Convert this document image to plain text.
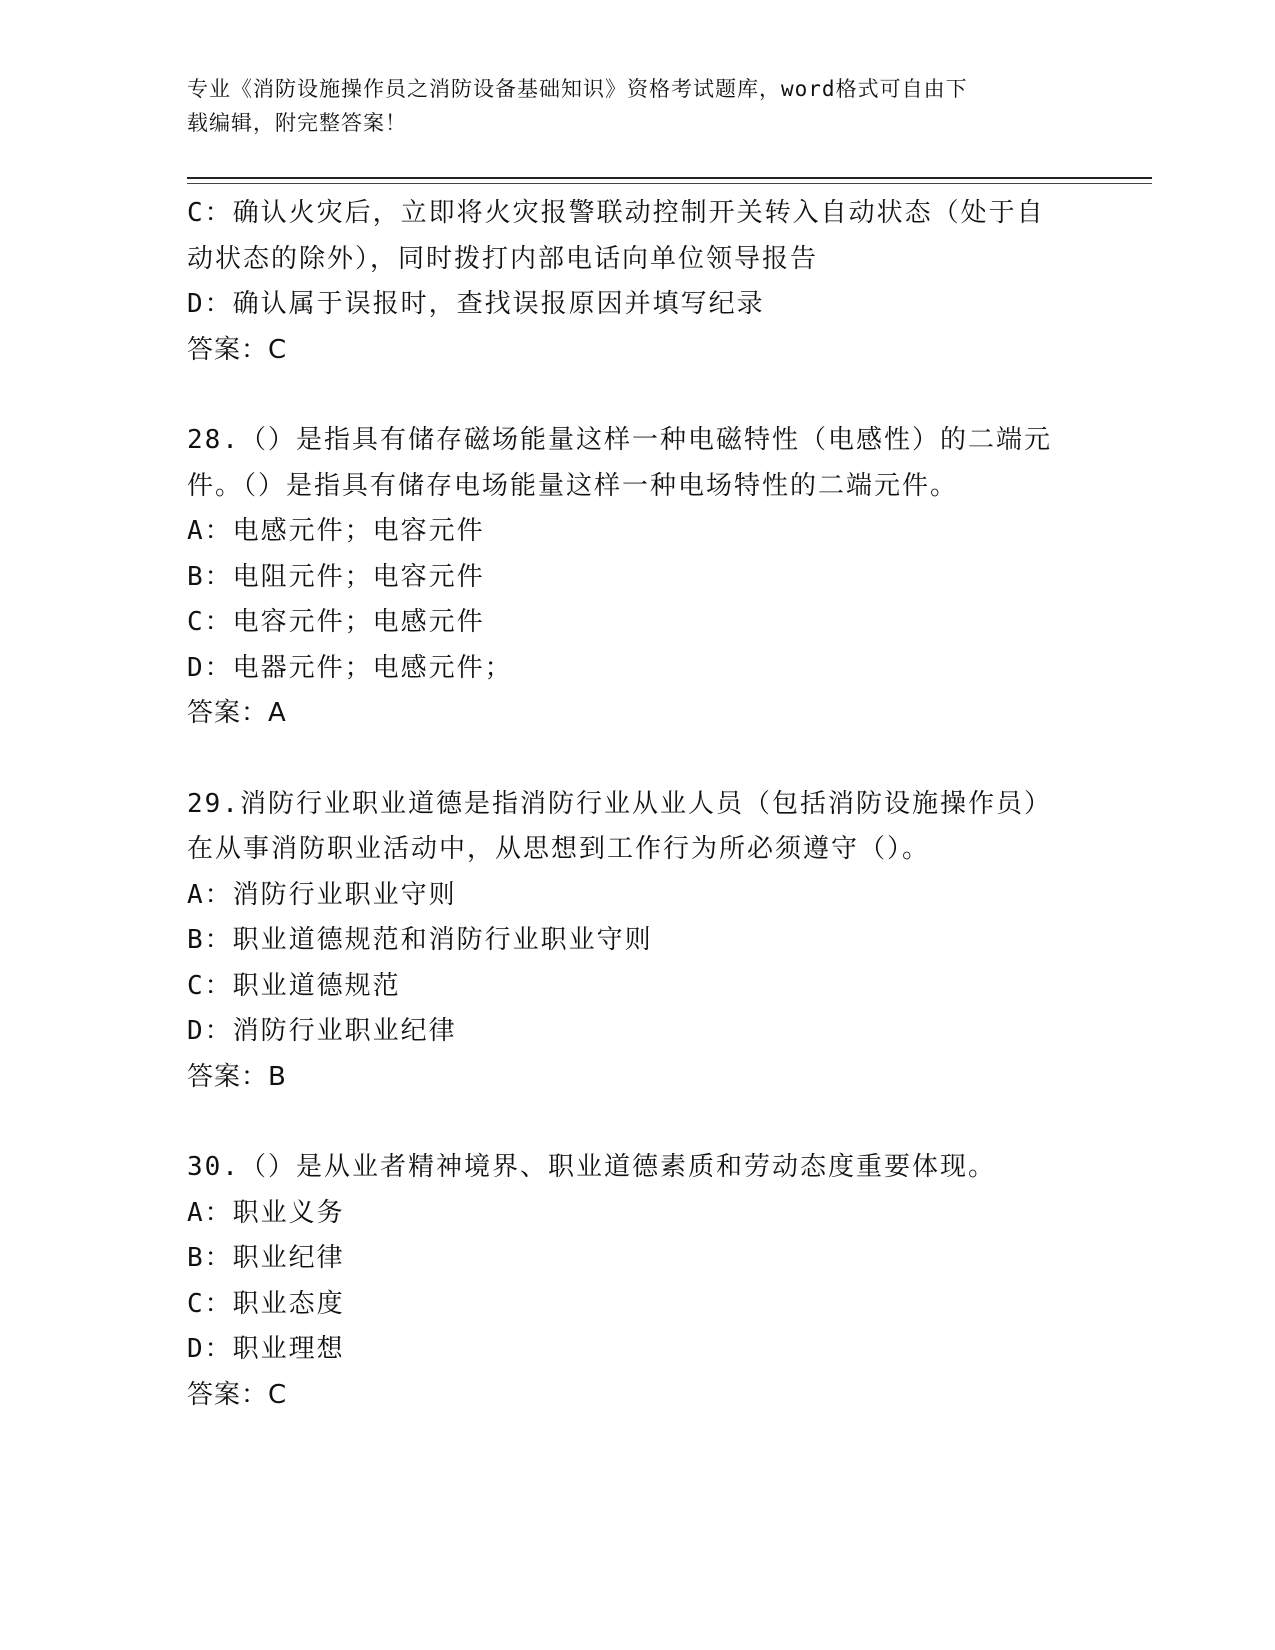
专业《消防设施操作员之消防设备基础知识》资格考试题库，word格式可自由下
载编辑，附完整答案！
C：确认火灾后，立即将火灾报警联动控制开关转入自动状态（处于自
动状态的除外），同时拨打内部电话向单位领导报告
D：确认属于误报时，查找误报原因并填写纪录
答案：C
28.（）是指具有储存磁场能量这样一种电磁特性（电感性）的二端元
件。（）是指具有储存电场能量这样一种电场特性的二端元件。
A：电感元件；电容元件
B：电阻元件；电容元件
C：电容元件；电感元件
D：电器元件；电感元件；
答案：A
29.消防行业职业道德是指消防行业从业人员（包括消防设施操作员）
在从事消防职业活动中，从思想到工作行为所必须遵守（）。
A：消防行业职业守则
B：职业道德规范和消防行业职业守则
C：职业道德规范
D：消防行业职业纪律
答案：B
30.（）是从业者精神境界、职业道德素质和劳动态度重要体现。
A：职业义务
B：职业纪律
C：职业态度
D：职业理想
答案：C
